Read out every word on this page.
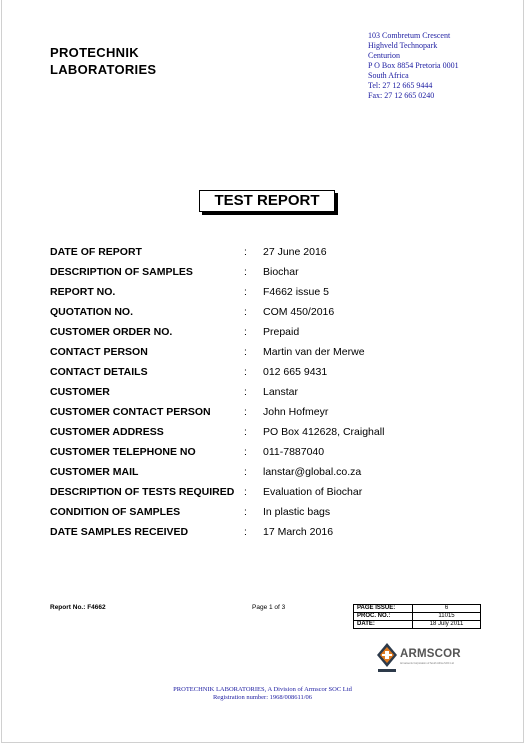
PROTECHNIK
LABORATORIES
103 Combretum Crescent
Highveld Technopark
Centurion
P O Box 8854 Pretoria 0001
South Africa
Tel: 27 12 665 9444
Fax: 27 12 665 0240
TEST REPORT
DATE OF REPORT	: 27 June 2016
DESCRIPTION OF SAMPLES	: Biochar
REPORT NO.	: F4662 issue 5
QUOTATION NO.	: COM 450/2016
CUSTOMER ORDER NO.	: Prepaid
CONTACT PERSON	: Martin van der Merwe
CONTACT DETAILS	: 012 665 9431
CUSTOMER	: Lanstar
CUSTOMER CONTACT PERSON	: John Hofmeyr
CUSTOMER ADDRESS	: PO Box 412628, Craighall
CUSTOMER TELEPHONE NO	: 011-7887040
CUSTOMER MAIL	: lanstar@global.co.za
DESCRIPTION OF TESTS REQUIRED : Evaluation of Biochar
CONDITION OF SAMPLES	: In plastic bags
DATE SAMPLES RECEIVED	: 17 March 2016
Report No.: F4662	Page 1 of 3	PAGE ISSUE:	6
PROC. NO.:	11015
DATE:	18 July 2011
ARMSCOR
Armaments Corporation of South Africa SOC Ltd
PROTECHNIK LABORATORIES, A Division of Armscor SOC Ltd
Registration number: 1968/008611/06
